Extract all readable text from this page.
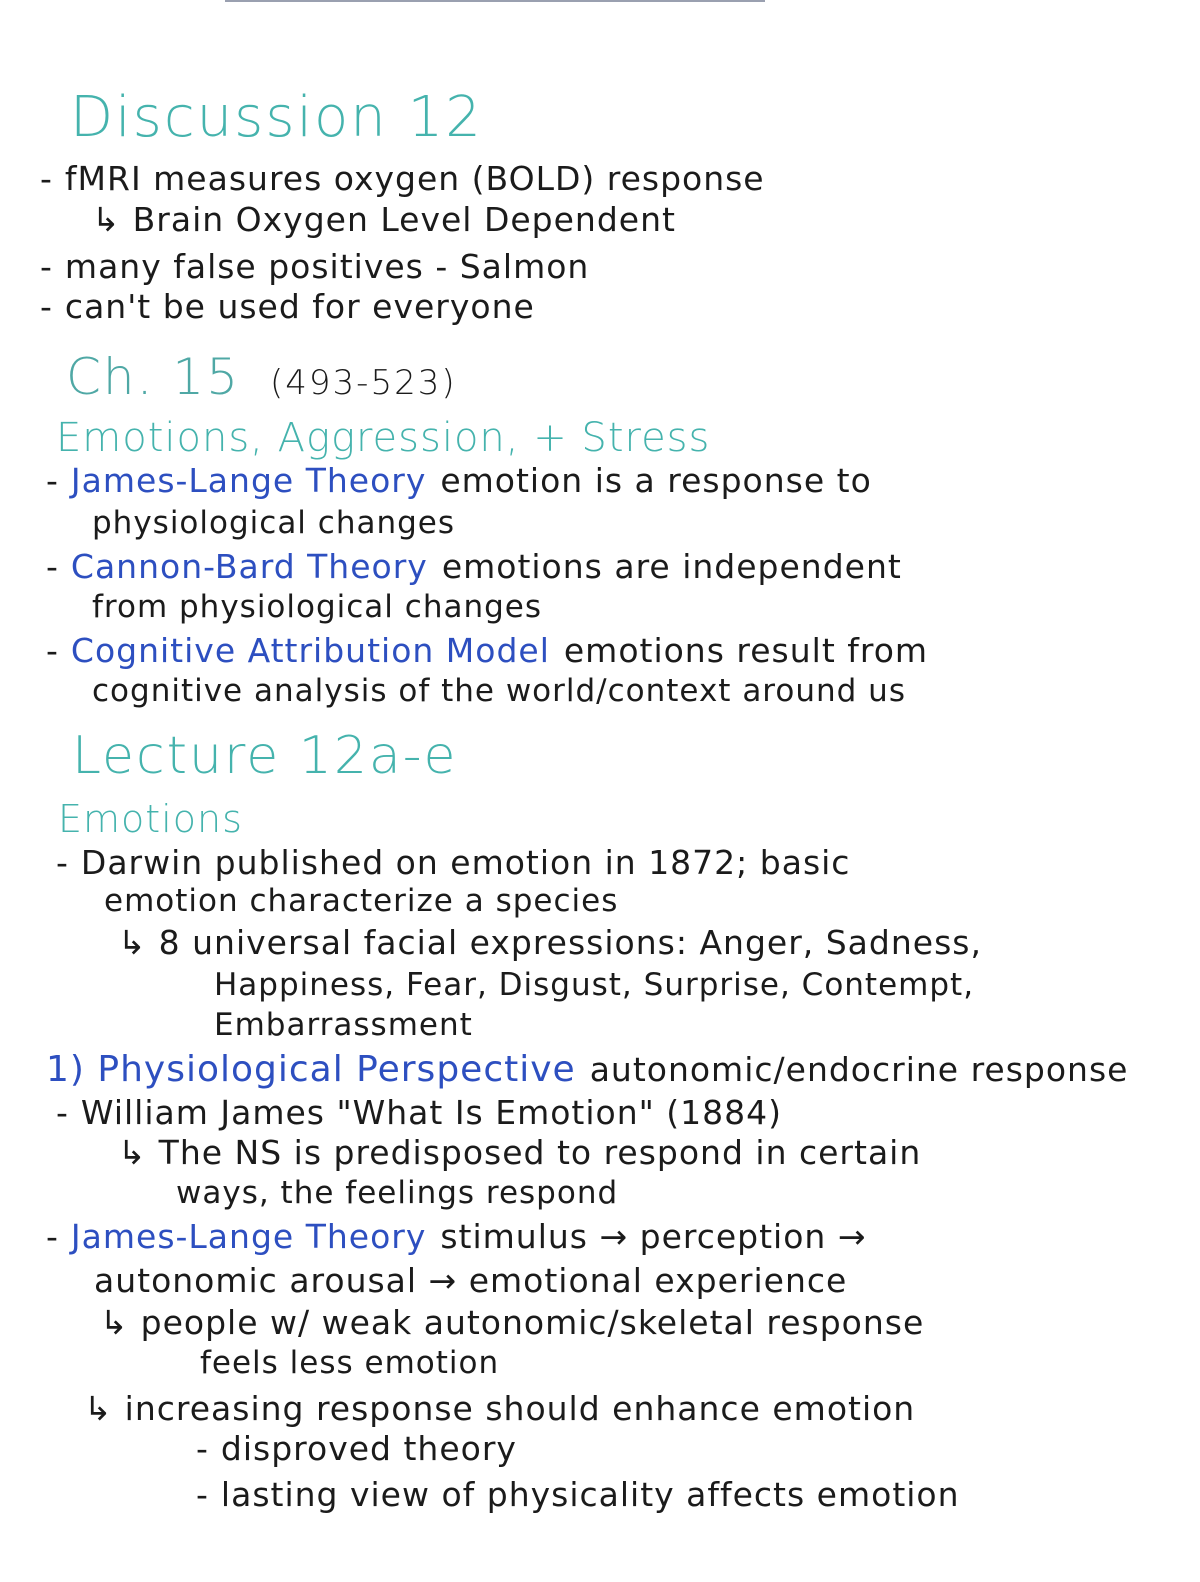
Discussion 12
- fMRI measures oxygen (BOLD) response
↳ Brain Oxygen Level Dependent
- many false positives - Salmon
- can't be used for everyone
Ch. 15 (493-523)
Emotions, Aggression, + Stress
- James-Lange Theory emotion is a response to
physiological changes
- Cannon-Bard Theory emotions are independent
from physiological changes
- Cognitive Attribution Model emotions result from
cognitive analysis of the world/context around us
Lecture 12a-e
Emotions
- Darwin published on emotion in 1872; basic
emotion characterize a species
↳ 8 universal facial expressions: Anger, Sadness,
Happiness, Fear, Disgust, Surprise, Contempt,
Embarrassment
1) Physiological Perspective autonomic/endocrine response
- William James "What Is Emotion" (1884)
↳ The NS is predisposed to respond in certain
ways, the feelings respond
- James-Lange Theory stimulus → perception →
autonomic arousal → emotional experience
↳ people w/ weak autonomic/skeletal response
feels less emotion
↳ increasing response should enhance emotion
- disproved theory
- lasting view of physicality affects emotion
